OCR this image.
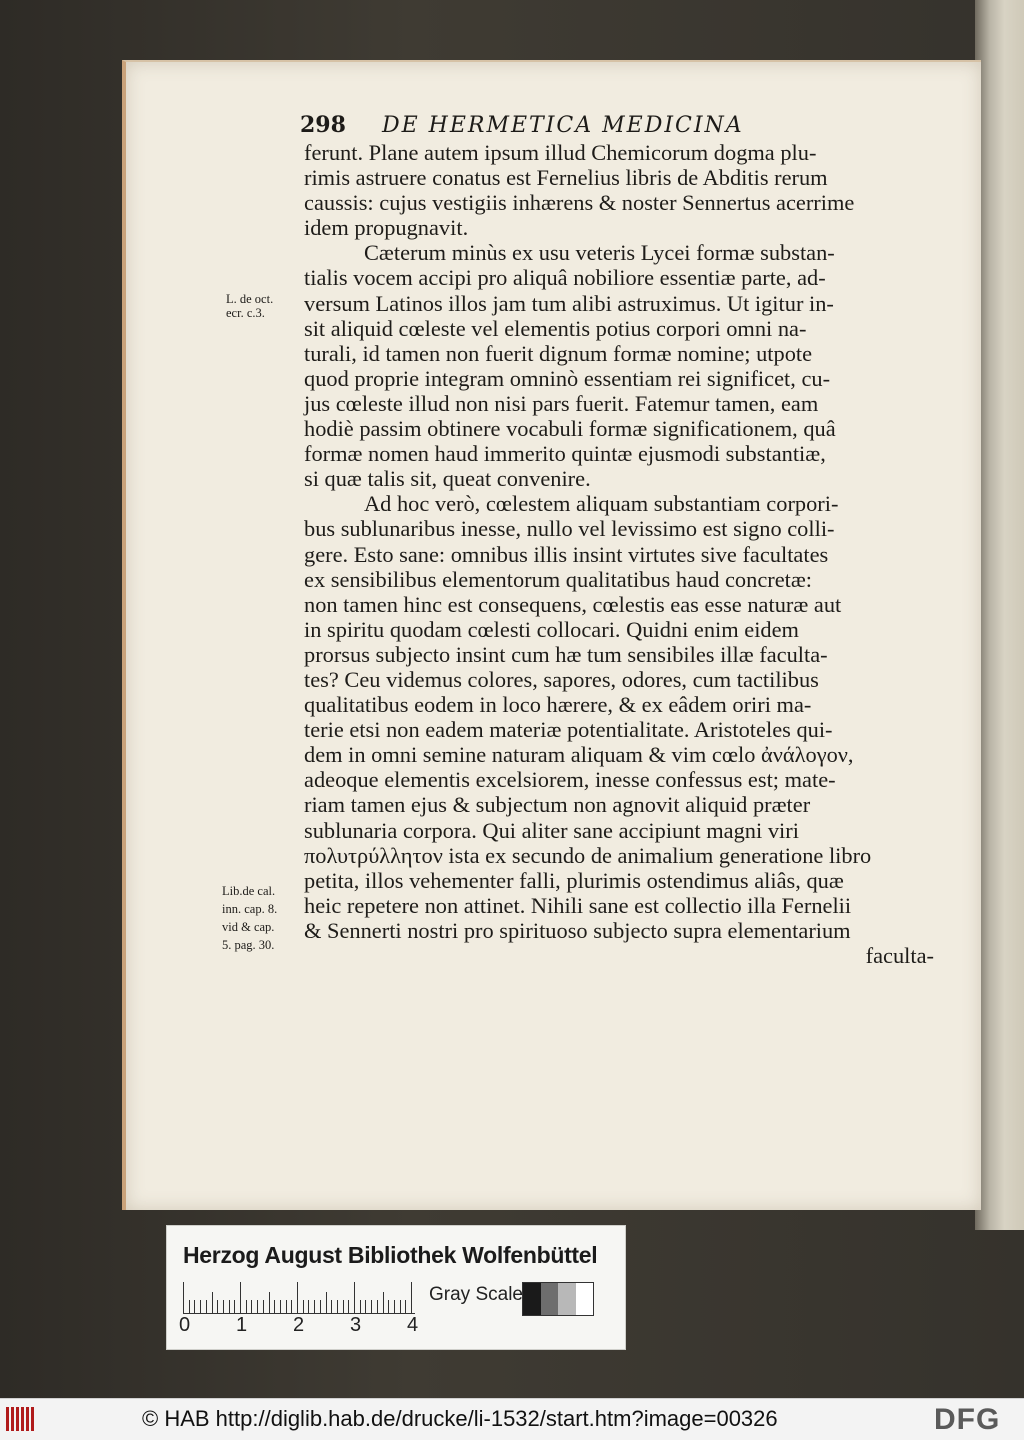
298 DE HERMETICA MEDICINA
ferunt. Plane autem ipsum illud Chemicorum dogma plu-
rimis astruere conatus est Fernelius libris de Abditis rerum
caussis: cujus vestigiis inhærens & noster Sennertus acerrime
idem propugnavit.
Cæterum minùs ex usu veteris Lycei formæ substan-
tialis vocem accipi pro aliquâ nobiliore essentiæ parte, ad-
versum Latinos illos jam tum alibi astruximus. Ut igitur in-
sit aliquid cœleste vel elementis potius corpori omni na-
turali, id tamen non fuerit dignum formæ nomine; utpote
quod proprie integram omninò essentiam rei significet, cu-
jus cœleste illud non nisi pars fuerit. Fatemur tamen, eam
hodiè passim obtinere vocabuli formæ significationem, quâ
formæ nomen haud immerito quintæ ejusmodi substantiæ,
si quæ talis sit, queat convenire.
Ad hoc verò, cœlestem aliquam substantiam corpori-
bus sublunaribus inesse, nullo vel levissimo est signo colli-
gere. Esto sane: omnibus illis insint virtutes sive facultates
ex sensibilibus elementorum qualitatibus haud concretæ:
non tamen hinc est consequens, cœlestis eas esse naturæ aut
in spiritu quodam cœlesti collocari. Quidni enim eidem
prorsus subjecto insint cum hæ tum sensibiles illæ faculta-
tes? Ceu videmus colores, sapores, odores, cum tactilibus
qualitatibus eodem in loco hærere, & ex eâdem oriri ma-
terie etsi non eadem materiæ potentialitate. Aristoteles qui-
dem in omni semine naturam aliquam & vim cœlo ἀνάλογον,
adeoque elementis excelsiorem, inesse confessus est; mate-
riam tamen ejus & subjectum non agnovit aliquid præter
sublunaria corpora. Qui aliter sane accipiunt magni viri
πολυτρύλλητον ista ex secundo de animalium generatione libro
petita, illos vehementer falli, plurimis ostendimus aliâs, quæ
heic repetere non attinet. Nihili sane est collectio illa Fernelii
& Sennerti nostri pro spirituoso subjecto supra elementarium
faculta-
L. de oct.
ecr. c.3.
Lib.de cal.
inn. cap. 8.
vid & cap.
5. pag. 30.
Herzog August Bibliothek Wolfenbüttel
0 1 2 3 4
Gray Scale
© HAB http://diglib.hab.de/drucke/li-1532/start.htm?image=00326	DFG
